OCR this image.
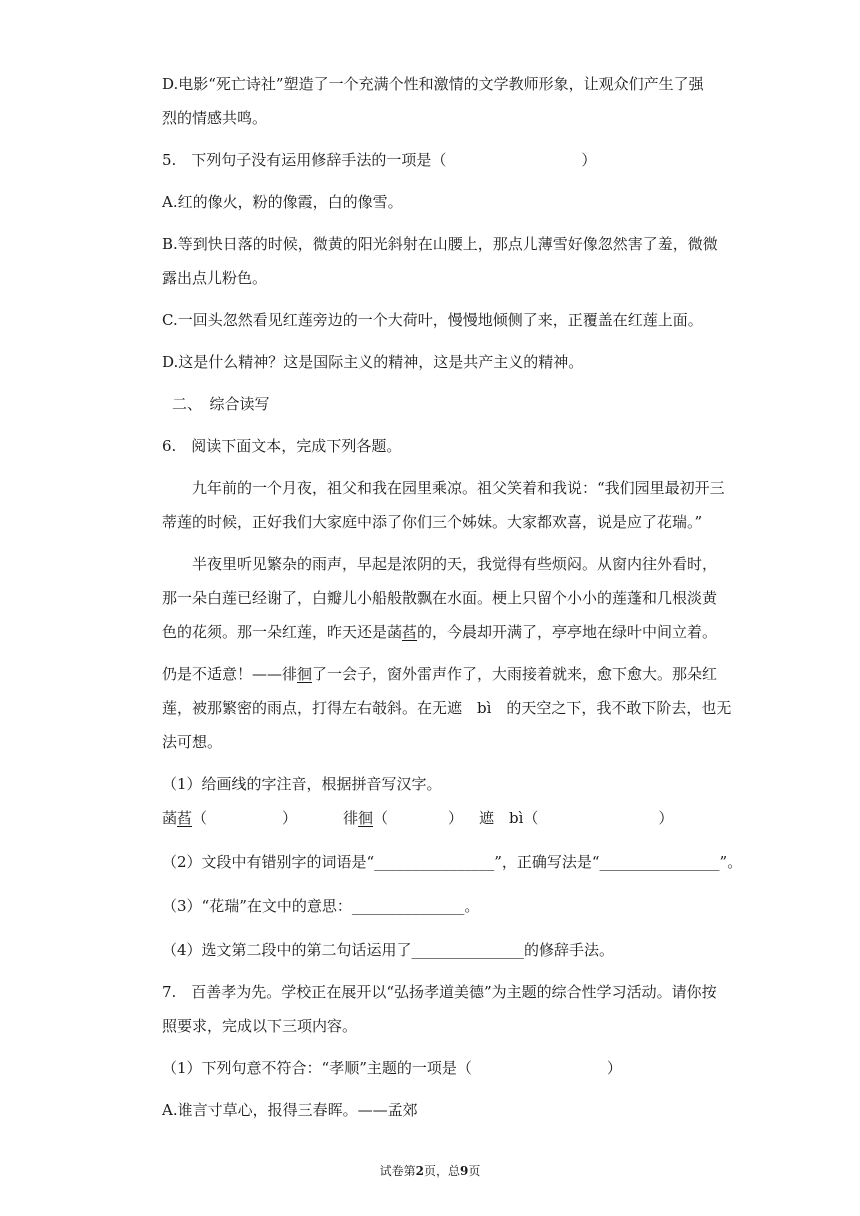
D.电影“死亡诗社”塑造了一个充满个性和激情的文学教师形象，让观众们产生了强
烈的情感共鸣。
5.　下列句子没有运用修辞手法的一项是（　　　　　　　　　）
A.红的像火，粉的像霞，白的像雪。
B.等到快日落的时候，微黄的阳光斜射在山腰上，那点儿薄雪好像忽然害了羞，微微
露出点儿粉色。
C.一回头忽然看见红莲旁边的一个大荷叶，慢慢地倾侧了来，正覆盖在红莲上面。
D.这是什么精神？这是国际主义的精神，这是共产主义的精神。
二、　综合读写
6.　阅读下面文本，完成下列各题。
九年前的一个月夜，祖父和我在园里乘凉。祖父笑着和我说：“我们园里最初开三
蒂莲的时候，正好我们大家庭中添了你们三个姊妹。大家都欢喜，说是应了花瑞。”
半夜里听见繁杂的雨声，早起是浓阴的天，我觉得有些烦闷。从窗内往外看时，
那一朵白莲已经谢了，白瓣儿小船般散飘在水面。梗上只留个小小的莲蓬和几根淡黄
色的花须。那一朵红莲，昨天还是菡萏的，今晨却开满了，亭亭地在绿叶中间立着。
仍是不适意！——徘徊了一会子，窗外雷声作了，大雨接着就来，愈下愈大。那朵红
莲，被那繁密的雨点，打得左右攲斜。在无遮　bì　的天空之下，我不敢下阶去，也无
法可想。
（1）给画线的字注音，根据拼音写汉字。
菡萏（　　　　　）	徘徊（　　　　） 遮　bì（　　　　　　　　）
（2）文段中有错别字的词语是“________________”，正确写法是“________________”。
（3）“花瑞”在文中的意思：_______________。
（4）选文第二段中的第二句话运用了_______________的修辞手法。
7.　百善孝为先。学校正在展开以“弘扬孝道美德”为主题的综合性学习活动。请你按
照要求，完成以下三项内容。
（1）下列句意不符合：“孝顺”主题的一项是（　　　　　　　　　）
A.谁言寸草心，报得三春晖。——孟郊
试卷第2页，总9页
